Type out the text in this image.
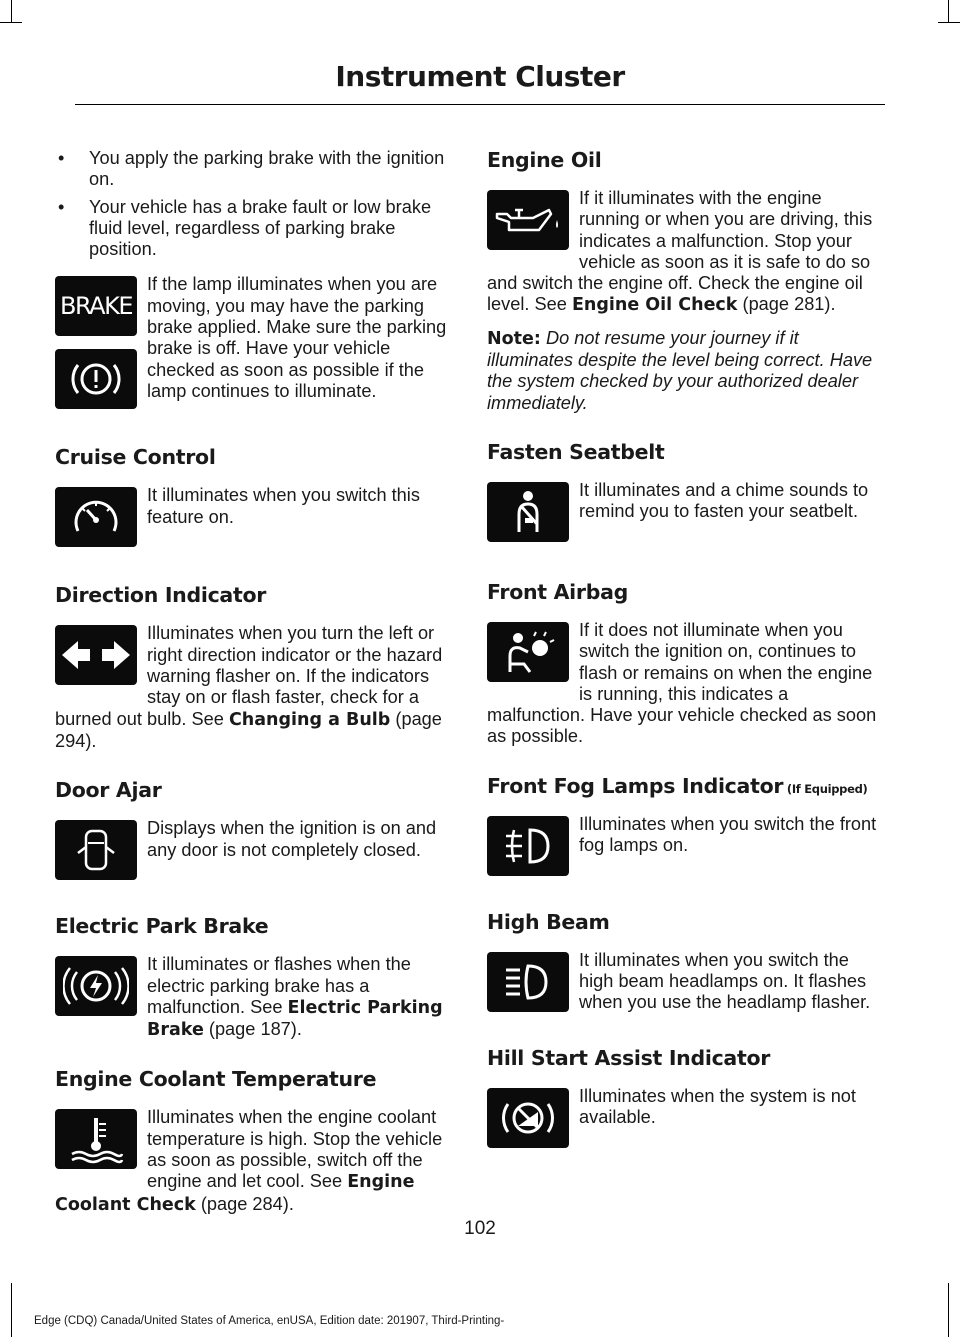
Instrument Cluster
• You apply the parking brake with the ignition on.
• Your vehicle has a brake fault or low brake fluid level, regardless of parking brake position.
BRAKE

If the lamp illuminates when you are moving, you may have the parking brake applied. Make sure the parking brake is off. Have your vehicle checked as soon as possible if the lamp continues to illuminate.

Cruise Control

It illuminates when you switch this feature on.

Direction Indicator

Illuminates when you turn the left or right direction indicator or the hazard warning flasher on. If the indicators stay on or flash faster, check for a burned out bulb. See Changing a Bulb (page 294).

Door Ajar

Displays when the ignition is on and any door is not completely closed.

Electric Park Brake

It illuminates or flashes when the electric parking brake has a malfunction. See Electric Parking Brake (page 187).

Engine Coolant Temperature

Illuminates when the engine coolant temperature is high. Stop the vehicle as soon as possible, switch off the engine and let cool. See Engine Coolant Check (page 284).

Engine Oil

If it illuminates with the engine running or when you are driving, this indicates a malfunction. Stop your vehicle as soon as it is safe to do so and switch the engine off. Check the engine oil level. See Engine Oil Check (page 281).

Note: Do not resume your journey if it illuminates despite the level being correct. Have the system checked by your authorized dealer immediately.

Fasten Seatbelt

It illuminates and a chime sounds to remind you to fasten your seatbelt.

Front Airbag

If it does not illuminate when you switch the ignition on, continues to flash or remains on when the engine is running, this indicates a malfunction. Have your vehicle checked as soon as possible.

Front Fog Lamps Indicator (If Equipped)

Illuminates when you switch the front fog lamps on.

High Beam

It illuminates when you switch the high beam headlamps on. It flashes when you use the headlamp flasher.

Hill Start Assist Indicator

Illuminates when the system is not available.

102
Edge (CDQ) Canada/United States of America, enUSA, Edition date: 201907, Third-Printing-
